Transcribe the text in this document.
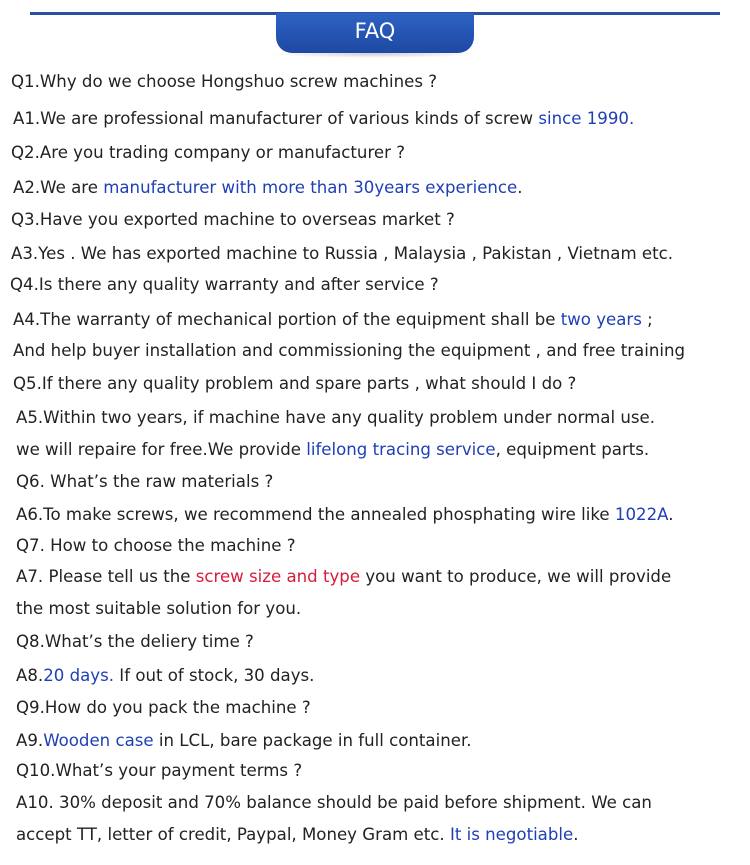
FAQ
Q1.Why do we choose Hongshuo screw machines ?
A1.We are professional manufacturer of various kinds of screw since 1990.
Q2.Are you trading company or manufacturer ?
A2.We are manufacturer with more than 30years experience.
Q3.Have you exported machine to overseas market ?
A3.Yes . We has exported machine to Russia , Malaysia , Pakistan , Vietnam etc.
Q4.Is there any quality warranty and after service ?
A4.The warranty of mechanical portion of the equipment shall be two years ;
And help buyer installation and commissioning the equipment , and free training
Q5.If there any quality problem and spare parts , what should I do ?
A5.Within two years, if machine have any quality problem under normal use.
we will repaire for free.We provide lifelong tracing service, equipment parts.
Q6. What’s the raw materials ?
A6.To make screws, we recommend the annealed phosphating wire like 1022A.
Q7. How to choose the machine ?
A7. Please tell us the screw size and type you want to produce, we will provide
the most suitable solution for you.
Q8.What’s the deliery time ?
A8.20 days. If out of stock, 30 days.
Q9.How do you pack the machine ?
A9.Wooden case in LCL, bare package in full container.
Q10.What’s your payment terms ?
A10. 30% deposit and 70% balance should be paid before shipment. We can
accept TT, letter of credit, Paypal, Money Gram etc. It is negotiable.
